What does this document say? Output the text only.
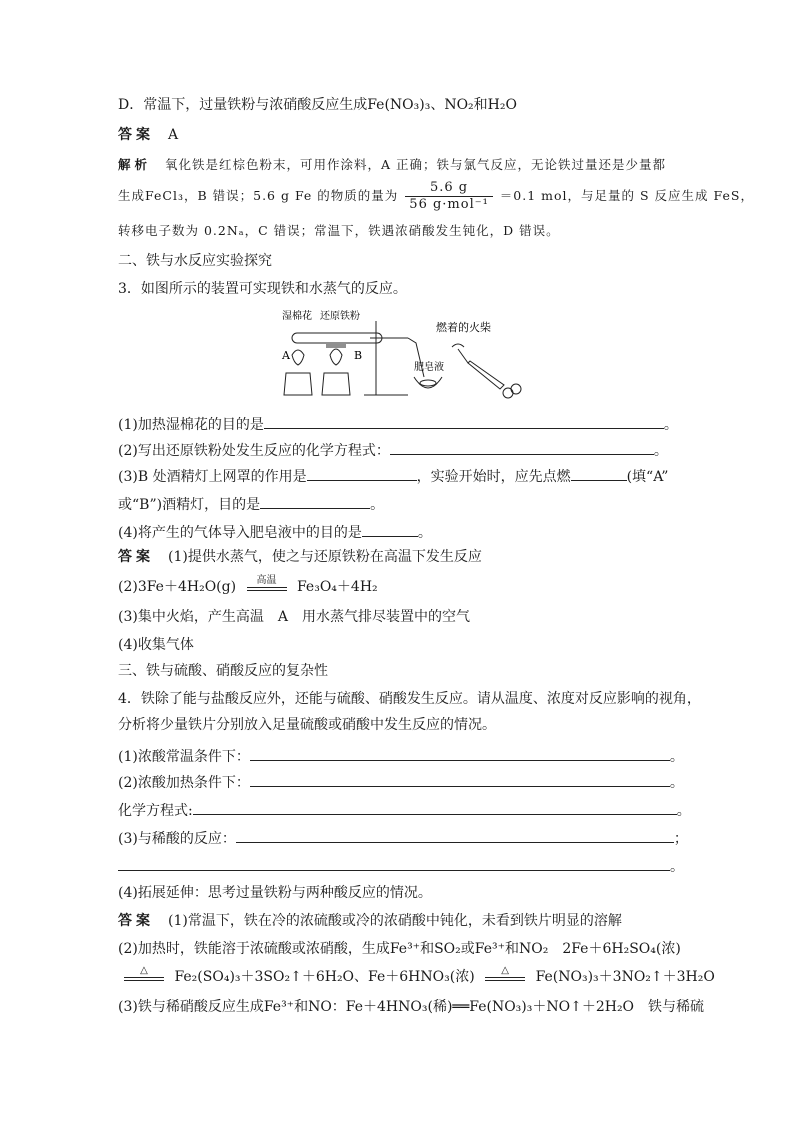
D．常温下，过量铁粉与浓硝酸反应生成Fe(NO₃)₃、NO₂和H₂O
答案 A
解析 氧化铁是红棕色粉末，可用作涂料，A 正确；铁与氯气反应，无论铁过量还是少量都
生成FeCl₃，B 错误；5.6 g Fe 的物质的量为 $\frac{5.6 g}{\text{56 g·mol⁻¹}} =0.1$ mol，与足量的 S 反应生成 FeS，
转移电子数为 0.2Nₐ，C 错误；常温下，铁遇浓硝酸发生钝化，D 错误。
二、铁与水反应实验探究
3．如图所示的装置可实现铁和水蒸气的反应。
A	B
湿棉花 还原铁粉
肥皂液
燃着的火柴
(1)加热湿棉花的目的是	。
(2)写出还原铁粉处发生反应的化学方程式：	。
(3)B 处酒精灯上网罩的作用是	，实验开始时，应先点燃	(填“A”
或“B”)酒精灯，目的是	。
(4)将产生的气体导入肥皂液中的目的是	。
答案 (1)提供水蒸气，使之与还原铁粉在高温下发生反应
(2)3Fe＋4H₂O(g)	高温	Fe₃O₄＋4H₂
(3)集中火焰，产生高温　A　用水蒸气排尽装置中的空气
(4)收集气体
三、铁与硫酸、硝酸反应的复杂性
4．铁除了能与盐酸反应外，还能与硫酸、硝酸发生反应。请从温度、浓度对反应影响的视角，
分析将少量铁片分别放入足量硫酸或硝酸中发生反应的情况。
(1)浓酸常温条件下：	。
(2)浓酸加热条件下：	。
化学方程式:	。
(3)与稀酸的反应：	；
。
(4)拓展延伸：思考过量铁粉与两种酸反应的情况。
答案 (1)常温下，铁在冷的浓硫酸或冷的浓硝酸中钝化，未看到铁片明显的溶解
(2)加热时，铁能溶于浓硫酸或浓硝酸，生成Fe³⁺和SO₂或Fe³⁺和NO₂　2Fe＋6H₂SO₄(浓)
△	Fe₂(SO₄)₃＋3SO₂↑＋6H₂O、Fe＋6HNO₃(浓)	△	Fe(NO₃)₃＋3NO₂↑＋3H₂O
(3)铁与稀硝酸反应生成Fe³⁺和NO：Fe＋4HNO₃(稀)══Fe(NO₃)₃＋NO↑＋2H₂O　铁与稀硫
